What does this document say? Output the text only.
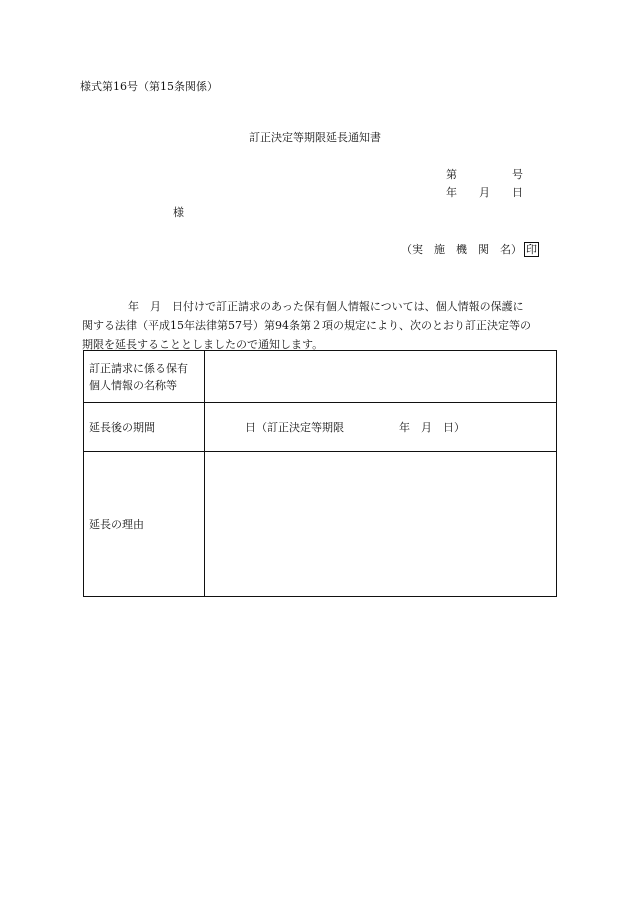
様式第16号（第15条関係）
訂正決定等期限延長通知書
第　　　　　号
年　　月　　日
様
（実　施　機　関　名） 印
年　月　日付けで訂正請求のあった保有個人情報については、個人情報の保護に
関する法律（平成15年法律第57号）第94条第２項の規定により、次のとおり訂正決定等の
期限を延長することとしましたので通知します。
訂正請求に係る保有
個人情報の名称等	

延長後の期間	日（訂正決定等期限　　　　　年　月　日）
延長の理由	
